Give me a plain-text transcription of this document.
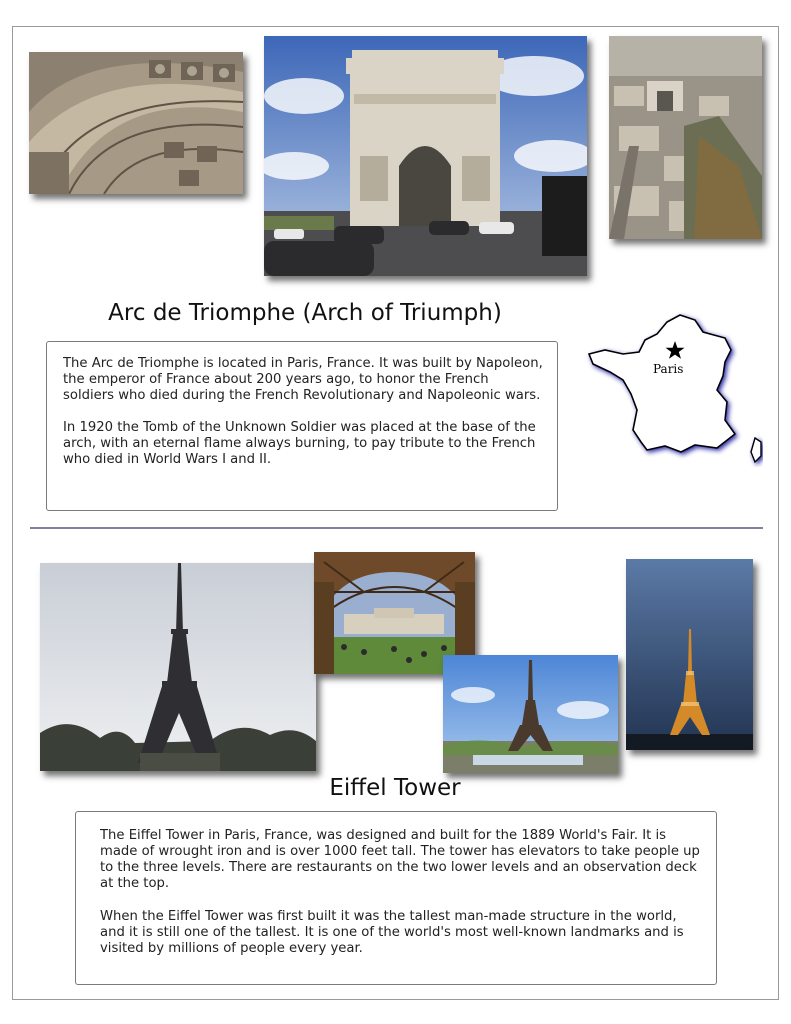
Arc de Triomphe (Arch of Triumph)

The Arc de Triomphe is located in Paris, France. It was built by Napoleon, the emperor of France about 200 years ago, to honor the French soldiers who died during the French Revolutionary and Napoleonic wars.

In 1920 the Tomb of the Unknown Soldier was placed at the base of the arch, with an eternal flame always burning, to pay tribute to the French who died in World Wars I and II.

Paris
Eiffel Tower

The Eiffel Tower in Paris, France, was designed and built for the 1889 World's Fair. It is made of wrought iron and is over 1000 feet tall. The tower has elevators to take people up to the three levels. There are restaurants on the two lower levels and an observation deck at the top.

When the Eiffel Tower was first built it was the tallest man-made structure in the world, and it is still one of the tallest. It is one of the world's most well-known landmarks and is visited by millions of people every year.
